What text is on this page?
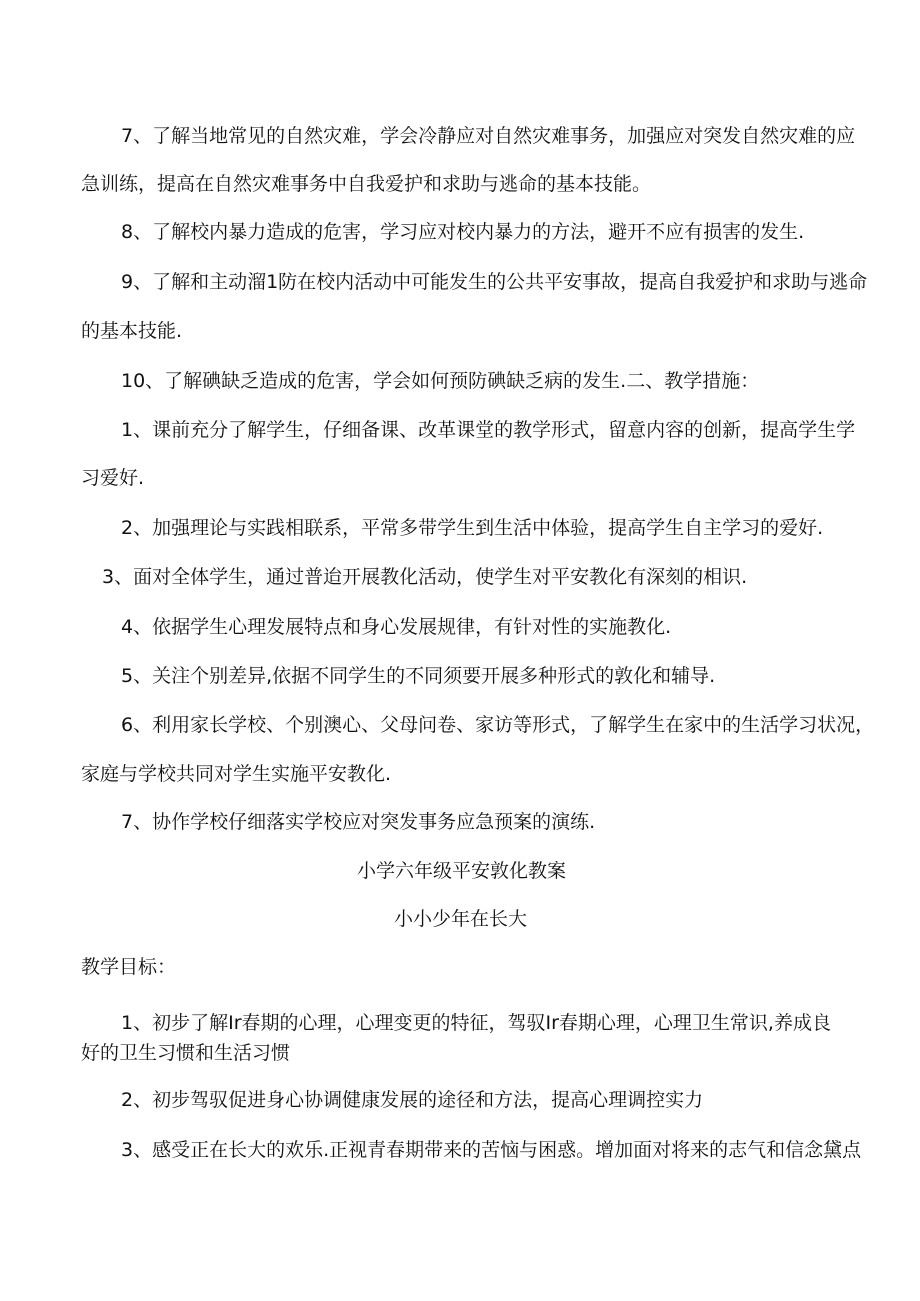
7、了解当地常见的自然灾难，学会冷静应对自然灾难事务，加强应对突发自然灾难的应
急训练，提高在自然灾难事务中自我爱护和求助与逃命的基本技能。
8、了解校内暴力造成的危害，学习应对校内暴力的方法，避开不应有损害的发生.
9、了解和主动溜1防在校内活动中可能发生的公共平安事故，提高自我爱护和求助与逃命
的基本技能.
10、了解碘缺乏造成的危害，学会如何预防碘缺乏病的发生.二、教学措施：
1、课前充分了解学生，仔细备课、改革课堂的教学形式，留意内容的创新，提高学生学
习爱好.
2、加强理论与实践相联系，平常多带学生到生活中体验，提高学生自主学习的爱好.
3、面对全体学生，通过普迨开展教化活动，使学生对平安教化有深刻的相识.
4、依据学生心理发展特点和身心发展规律，有针对性的实施教化.
5、关注个别差异,依据不同学生的不同须要开展多种形式的敦化和辅导.
6、利用家长学校、个别澳心、父母问卷、家访等形式，了解学生在家中的生活学习状况，
家庭与学校共同对学生实施平安教化.
7、协作学校仔细落实学校应对突发事务应急预案的演练.
小学六年级平安敦化教案
小小少年在长大
教学目标：
1、初步了解Ir春期的心理，心理变更的特征，驾驭Ir春期心理，心理卫生常识,养成良
好的卫生习惯和生活习惯
2、初步驾驭促进身心协调健康发展的途径和方法，提高心理调控实力
3、感受正在长大的欢乐.正视青春期带来的苦恼与困惑。增加面对将来的志气和信念黛点
